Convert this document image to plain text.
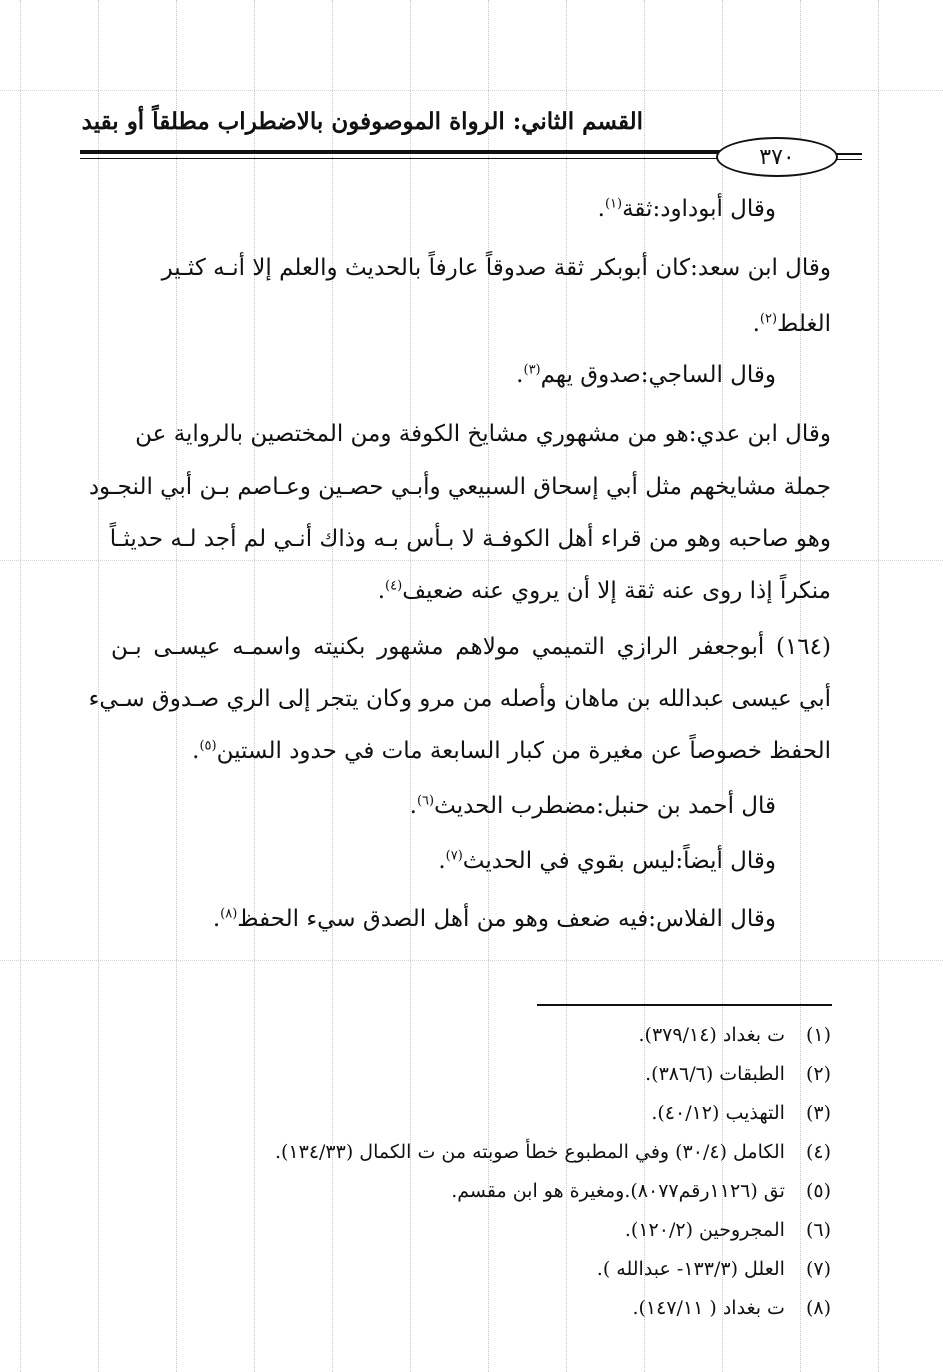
القسم الثاني: الرواة الموصوفون بالاضطراب مطلقاً أو بقيد
٣٧٠
وقال أبوداود:ثقة$^{(١)}$.
وقال ابن سعد:كان أبوبكر ثقة صدوقاً عارفاً بالحديث والعلم إلا أنـه كثـير
الغلط$^{(٢)}$.
وقال الساجي:صدوق يهم$^{(٣)}$.
وقال ابن عدي:هو من مشهوري مشايخ الكوفة ومن المختصين بالرواية عن
جملة مشايخهم مثل أبي إسحاق السبيعي وأبـي حصـين وعـاصم بـن أبي النجـود
وهو صاحبه وهو من قراء أهل الكوفـة لا بـأس بـه وذاك أنـي لم أجد لـه حديثـاً
منكراً إذا روى عنه ثقة إلا أن يروي عنه ضعيف$^{(٤)}$.
(١٦٤) أبوجعفر الرازي التميمي مولاهم مشهور بكنيته واسمـه عيسـى بـن
أبي عيسى عبدالله بن ماهان وأصله من مرو وكان يتجر إلى الري صـدوق سـيء
الحفظ خصوصاً عن مغيرة من كبار السابعة مات في حدود الستين$^{(٥)}$.
قال أحمد بن حنبل:مضطرب الحديث$^{(٦)}$.
وقال أيضاً:ليس بقوي في الحديث$^{(٧)}$.
وقال الفلاس:فيه ضعف وهو من أهل الصدق سيء الحفظ$^{(٨)}$.
(١) ت بغداد (٣٧٩/١٤).
(٢) الطبقات (٣٨٦/٦).
(٣) التهذيب (٤٠/١٢).
(٤) الكامل (٣٠/٤) وفي المطبوع خطأ صوبته من ت الكمال (١٣٤/٣٣).
(٥) تق (١١٢٦رقم٨٠٧٧).ومغيرة هو ابن مقسم.
(٦) المجروحين (١٢٠/٢).
(٧) العلل (١٣٣/٣- عبدالله ).
(٨) ت بغداد ( ١٤٧/١١).
